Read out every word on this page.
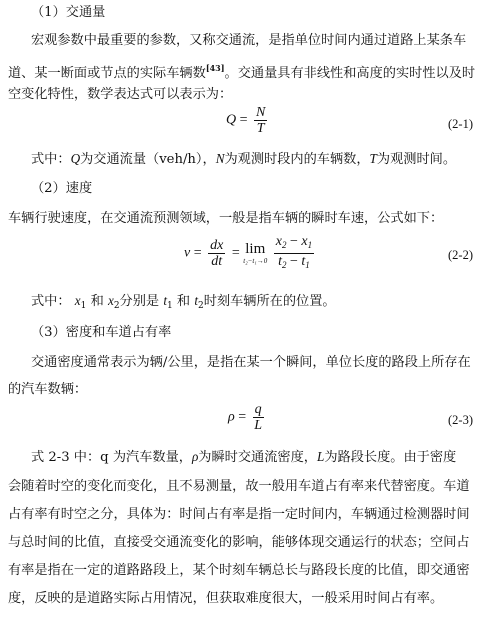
（1）交通量
宏观参数中最重要的参数，又称交通流，是指单位时间内通过道路上某条车
道、某一断面或节点的实际车辆数[43]。交通量具有非线性和高度的实时性以及时
空变化特性，数学表达式可以表示为：
$Q = \frac{N}{T}$	(2-1)
式中：Q为交通流量（veh/h），N为观测时段内的车辆数，T为观测时间。
（2）速度
车辆行驶速度，在交通流预测领域，一般是指车辆的瞬时车速，公式如下：
$v = \frac{dx}{dt} = \lim$
t₂−t₁→0
$\frac{x_2 - x_1}{t_2 - t_1}$	(2-2)
式中： $x_1$ 和 $x_2$分别是 $t_1$ 和 $t_2$时刻车辆所在的位置。
（3）密度和车道占有率
交通密度通常表示为辆/公里，是指在某一个瞬间，单位长度的路段上所存在
的汽车数辆：
$\rho = \frac{q}{L}$	(2-3)
式 2-3 中：q 为汽车数量，ρ为瞬时交通流密度，L为路段长度。由于密度
会随着时空的变化而变化，且不易测量，故一般用车道占有率来代替密度。车道
占有率有时空之分，具体为：时间占有率是指一定时间内，车辆通过检测器时间
与总时间的比值，直接受交通流变化的影响，能够体现交通运行的状态；空间占
有率是指在一定的道路路段上，某个时刻车辆总长与路段长度的比值，即交通密
度，反映的是道路实际占用情况，但获取难度很大，一般采用时间占有率。
